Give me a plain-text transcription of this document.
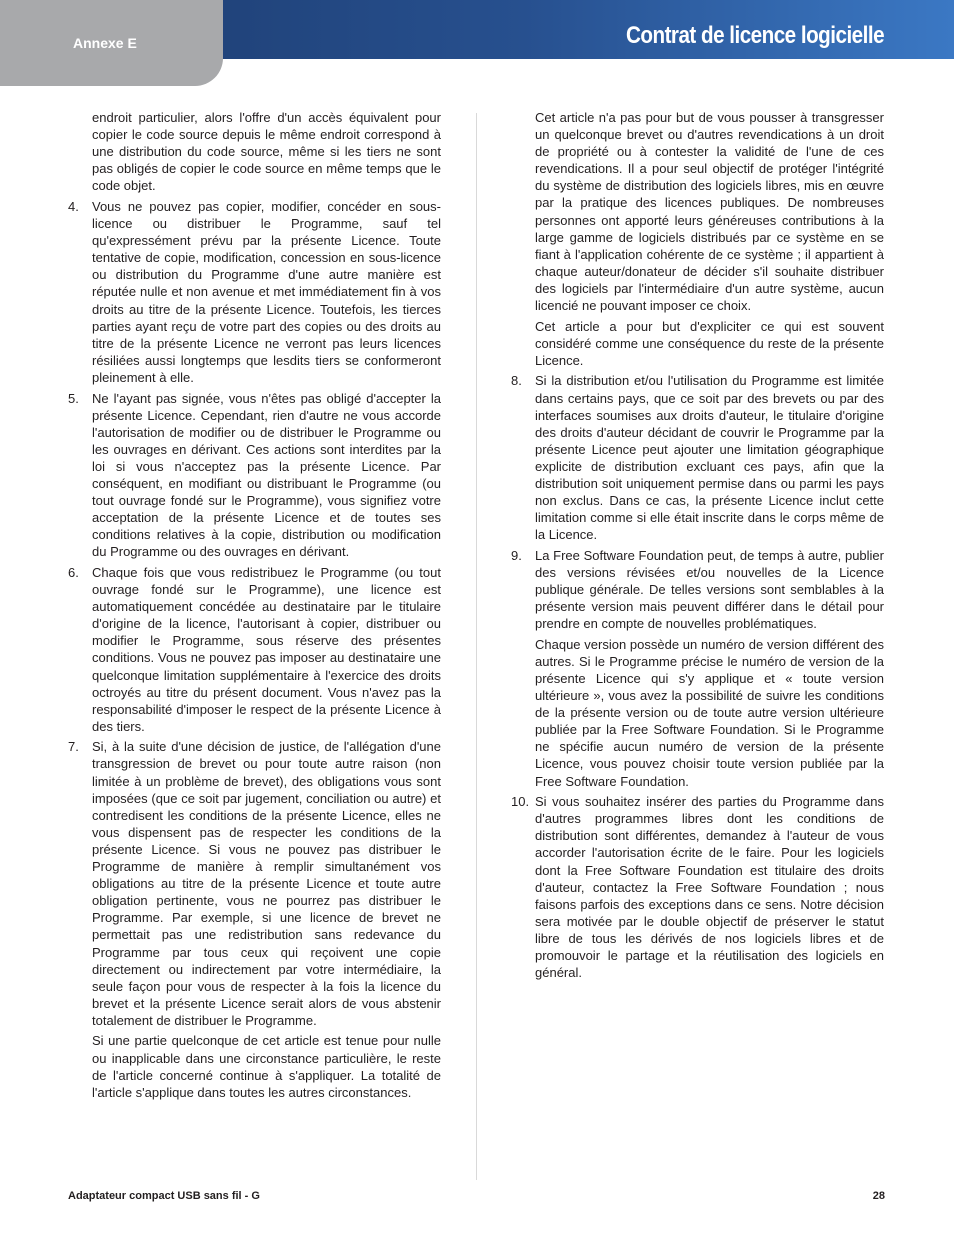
Annexe E	Contrat de licence logicielle

endroit particulier, alors l'offre d'un accès équivalent pour copier le code source depuis le même endroit correspond à une distribution du code source, même si les tiers ne sont pas obligés de copier le code source en même temps que le code objet.

4. Vous ne pouvez pas copier, modifier, concéder en sous-licence ou distribuer le Programme, sauf tel qu'expressément prévu par la présente Licence. Toute tentative de copie, modification, concession en sous-licence ou distribution du Programme d'une autre manière est réputée nulle et non avenue et met immédiatement fin à vos droits au titre de la présente Licence. Toutefois, les tierces parties ayant reçu de votre part des copies ou des droits au titre de la présente Licence ne verront pas leurs licences résiliées aussi longtemps que lesdits tiers se conformeront pleinement à elle.

5. Ne l'ayant pas signée, vous n'êtes pas obligé d'accepter la présente Licence. Cependant, rien d'autre ne vous accorde l'autorisation de modifier ou de distribuer le Programme ou les ouvrages en dérivant. Ces actions sont interdites par la loi si vous n'acceptez pas la présente Licence. Par conséquent, en modifiant ou distribuant le Programme (ou tout ouvrage fondé sur le Programme), vous signifiez votre acceptation de la présente Licence et de toutes ses conditions relatives à la copie, distribution ou modification du Programme ou des ouvrages en dérivant.

6. Chaque fois que vous redistribuez le Programme (ou tout ouvrage fondé sur le Programme), une licence est automatiquement concédée au destinataire par le titulaire d'origine de la licence, l'autorisant à copier, distribuer ou modifier le Programme, sous réserve des présentes conditions. Vous ne pouvez pas imposer au destinataire une quelconque limitation supplémentaire à l'exercice des droits octroyés au titre du présent document. Vous n'avez pas la responsabilité d'imposer le respect de la présente Licence à des tiers.

7. Si, à la suite d'une décision de justice, de l'allégation d'une transgression de brevet ou pour toute autre raison (non limitée à un problème de brevet), des obligations vous sont imposées (que ce soit par jugement, conciliation ou autre) et contredisent les conditions de la présente Licence, elles ne vous dispensent pas de respecter les conditions de la présente Licence. Si vous ne pouvez pas distribuer le Programme de manière à remplir simultanément vos obligations au titre de la présente Licence et toute autre obligation pertinente, vous ne pourrez pas distribuer le Programme. Par exemple, si une licence de brevet ne permettait pas une redistribution sans redevance du Programme par tous ceux qui reçoivent une copie directement ou indirectement par votre intermédiaire, la seule façon pour vous de respecter à la fois la licence du brevet et la présente Licence serait alors de vous abstenir totalement de distribuer le Programme.

Si une partie quelconque de cet article est tenue pour nulle ou inapplicable dans une circonstance particulière, le reste de l'article concerné continue à s'appliquer. La totalité de l'article s'applique dans toutes les autres circonstances.

Cet article n'a pas pour but de vous pousser à transgresser un quelconque brevet ou d'autres revendications à un droit de propriété ou à contester la validité de l'une de ces revendications. Il a pour seul objectif de protéger l'intégrité du système de distribution des logiciels libres, mis en œuvre par la pratique des licences publiques. De nombreuses personnes ont apporté leurs généreuses contributions à la large gamme de logiciels distribués par ce système en se fiant à l'application cohérente de ce système ; il appartient à chaque auteur/donateur de décider s'il souhaite distribuer des logiciels par l'intermédiaire d'un autre système, aucun licencié ne pouvant imposer ce choix.

Cet article a pour but d'expliciter ce qui est souvent considéré comme une conséquence du reste de la présente Licence.

8. Si la distribution et/ou l'utilisation du Programme est limitée dans certains pays, que ce soit par des brevets ou par des interfaces soumises aux droits d'auteur, le titulaire d'origine des droits d'auteur décidant de couvrir le Programme par la présente Licence peut ajouter une limitation géographique explicite de distribution excluant ces pays, afin que la distribution soit uniquement permise dans ou parmi les pays non exclus. Dans ce cas, la présente Licence inclut cette limitation comme si elle était inscrite dans le corps même de la Licence.

9. La Free Software Foundation peut, de temps à autre, publier des versions révisées et/ou nouvelles de la Licence publique générale. De telles versions sont semblables à la présente version mais peuvent différer dans le détail pour prendre en compte de nouvelles problématiques.

Chaque version possède un numéro de version différent des autres. Si le Programme précise le numéro de version de la présente Licence qui s'y applique et « toute version ultérieure », vous avez la possibilité de suivre les conditions de la présente version ou de toute autre version ultérieure publiée par la Free Software Foundation. Si le Programme ne spécifie aucun numéro de version de la présente Licence, vous pouvez choisir toute version publiée par la Free Software Foundation.

10. Si vous souhaitez insérer des parties du Programme dans d'autres programmes libres dont les conditions de distribution sont différentes, demandez à l'auteur de vous accorder l'autorisation écrite de le faire. Pour les logiciels dont la Free Software Foundation est titulaire des droits d'auteur, contactez la Free Software Foundation ; nous faisons parfois des exceptions dans ce sens. Notre décision sera motivée par le double objectif de préserver le statut libre de tous les dérivés de nos logiciels libres et de promouvoir le partage et la réutilisation des logiciels en général.

Adaptateur compact USB sans fil - G	28
